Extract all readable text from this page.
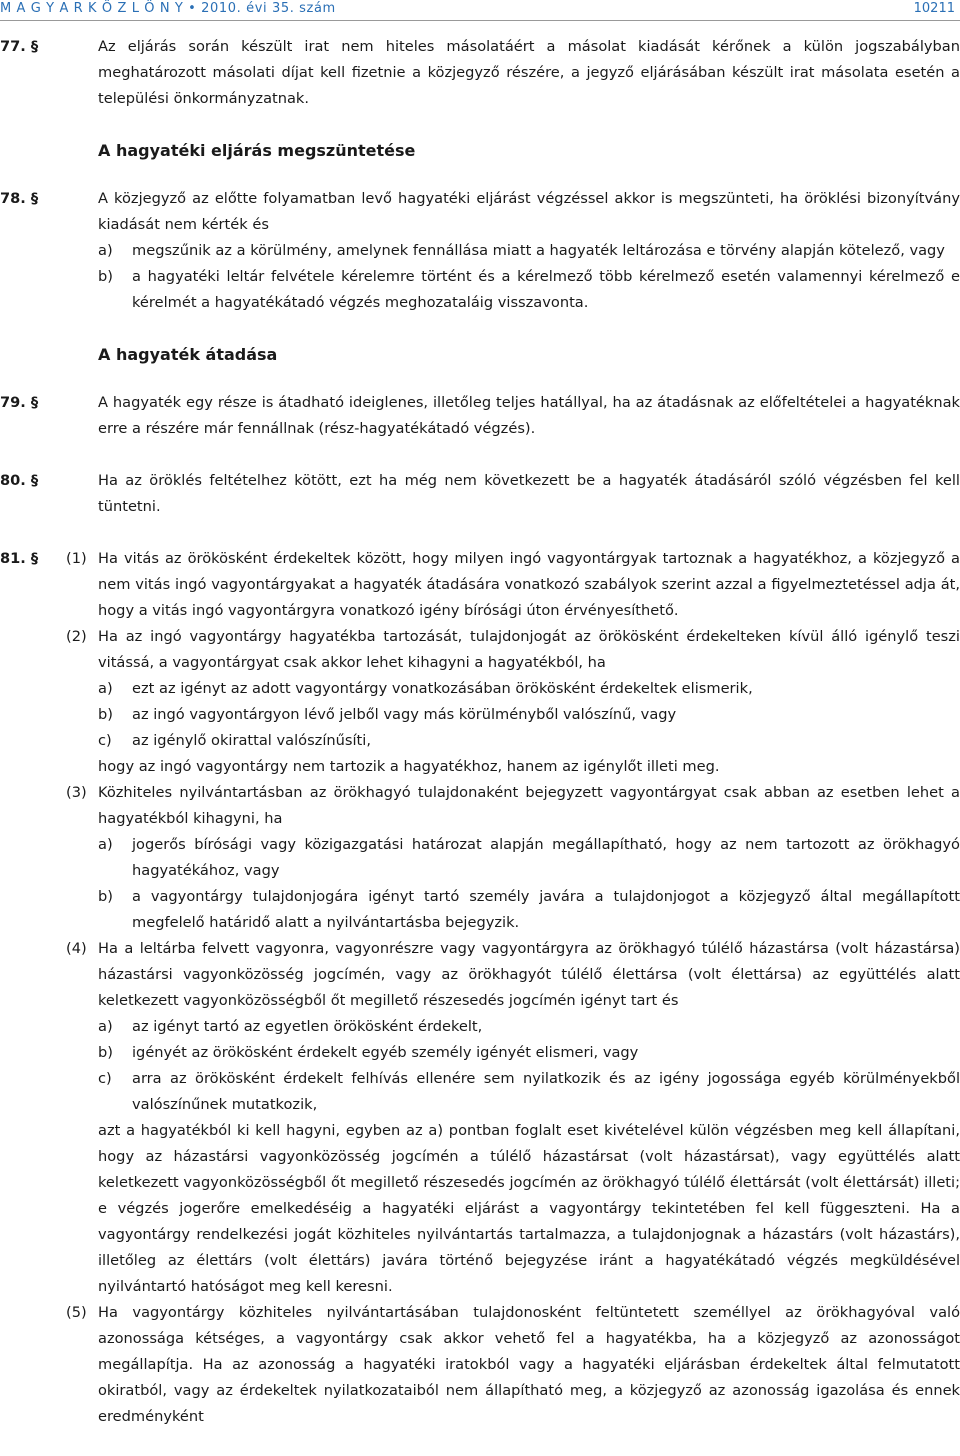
M A G Y A R K Ö Z L Ö N Y • 2010. évi 35. szám	10211
77. §	Az eljárás során készült irat nem hiteles másolatáért a másolat kiadását kérőnek a külön jogszabályban meghatározott másolati díjat kell fizetnie a közjegyző részére, a jegyző eljárásában készült irat másolata esetén a települési önkormányzatnak.
A hagyatéki eljárás megszüntetése
78. §	A közjegyző az előtte folyamatban levő hagyatéki eljárást végzéssel akkor is megszünteti, ha öröklési bizonyítvány kiadását nem kérték és
a) megszűnik az a körülmény, amelynek fennállása miatt a hagyaték leltározása e törvény alapján kötelező, vagy
b) a hagyatéki leltár felvétele kérelemre történt és a kérelmező több kérelmező esetén valamennyi kérelmező e kérelmét a hagyatékátadó végzés meghozataláig visszavonta.
A hagyaték átadása
79. §	A hagyaték egy része is átadható ideiglenes, illetőleg teljes hatállyal, ha az átadásnak az előfeltételei a hagyatéknak erre a részére már fennállnak (rész-hagyatékátadó végzés).
80. §	Ha az öröklés feltételhez kötött, ezt ha még nem következett be a hagyaték átadásáról szóló végzésben fel kell tüntetni.
81. § (1) Ha vitás az örökösként érdekeltek között, hogy milyen ingó vagyontárgyak tartoznak a hagyatékhoz, a közjegyző a nem vitás ingó vagyontárgyakat a hagyaték átadására vonatkozó szabályok szerint azzal a figyelmeztetéssel adja át, hogy a vitás ingó vagyontárgyra vonatkozó igény bírósági úton érvényesíthető.
(2) Ha az ingó vagyontárgy hagyatékba tartozását, tulajdonjogát az örökösként érdekelteken kívül álló igénylő teszi vitássá, a vagyontárgyat csak akkor lehet kihagyni a hagyatékból, ha
a) ezt az igényt az adott vagyontárgy vonatkozásában örökösként érdekeltek elismerik,
b) az ingó vagyontárgyon lévő jelből vagy más körülményből valószínű, vagy
c) az igénylő okirattal valószínűsíti,
hogy az ingó vagyontárgy nem tartozik a hagyatékhoz, hanem az igénylőt illeti meg.
(3) Közhiteles nyilvántartásban az örökhagyó tulajdonaként bejegyzett vagyontárgyat csak abban az esetben lehet a hagyatékból kihagyni, ha
a) jogerős bírósági vagy közigazgatási határozat alapján megállapítható, hogy az nem tartozott az örökhagyó hagyatékához, vagy
b) a vagyontárgy tulajdonjogára igényt tartó személy javára a tulajdonjogot a közjegyző által megállapított megfelelő határidő alatt a nyilvántartásba bejegyzik.
(4) Ha a leltárba felvett vagyonra, vagyonrészre vagy vagyontárgyra az örökhagyó túlélő házastársa (volt házastársa) házastársi vagyonközösség jogcímén, vagy az örökhagyót túlélő élettársa (volt élettársa) az együttélés alatt keletkezett vagyonközösségből őt megillető részesedés jogcímén igényt tart és
a) az igényt tartó az egyetlen örökösként érdekelt,
b) igényét az örökösként érdekelt egyéb személy igényét elismeri, vagy
c) arra az örökösként érdekelt felhívás ellenére sem nyilatkozik és az igény jogossága egyéb körülményekből valószínűnek mutatkozik,
azt a hagyatékból ki kell hagyni, egyben az a) pontban foglalt eset kivételével külön végzésben meg kell állapítani, hogy az házastársi vagyonközösség jogcímén a túlélő házastársat (volt házastársat), vagy együttélés alatt keletkezett vagyonközösségből őt megillető részesedés jogcímén az örökhagyó túlélő élettársát (volt élettársát) illeti; e végzés jogerőre emelkedéséig a hagyatéki eljárást a vagyontárgy tekintetében fel kell függeszteni. Ha a vagyontárgy rendelkezési jogát közhiteles nyilvántartás tartalmazza, a tulajdonjognak a házastárs (volt házastárs), illetőleg az élettárs (volt élettárs) javára történő bejegyzése iránt a hagyatékátadó végzés megküldésével nyilvántartó hatóságot meg kell keresni.
(5) Ha vagyontárgy közhiteles nyilvántartásában tulajdonosként feltüntetett személlyel az örökhagyóval való azonossága kétséges, a vagyontárgy csak akkor vehető fel a hagyatékba, ha a közjegyző az azonosságot megállapítja. Ha az azonosság a hagyatéki iratokból vagy a hagyatéki eljárásban érdekeltek által felmutatott okiratból, vagy az érdekeltek nyilatkozataiból nem állapítható meg, a közjegyző az azonosság igazolása és ennek eredményként
